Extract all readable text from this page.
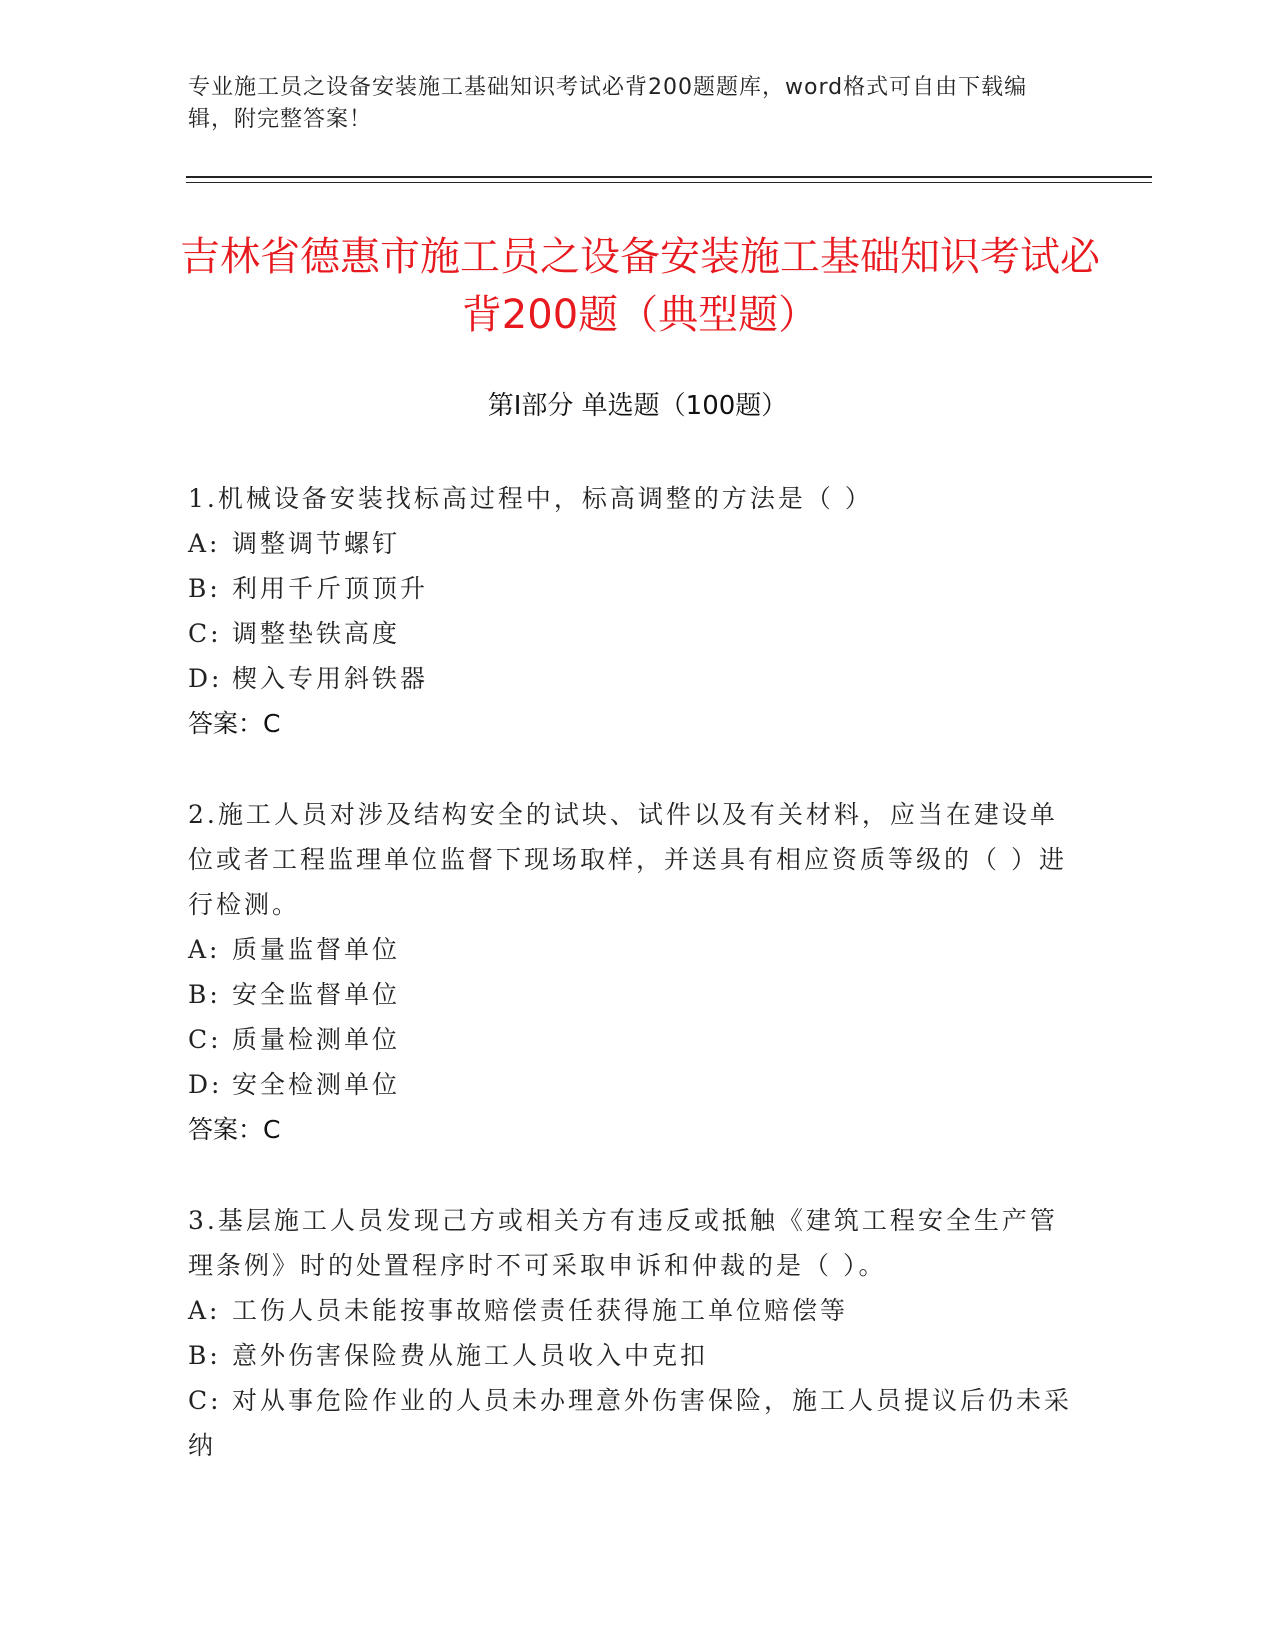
专业施工员之设备安装施工基础知识考试必背200题题库，word格式可自由下载编辑，附完整答案！
吉林省德惠市施工员之设备安装施工基础知识考试必背200题（典型题）
第Ⅰ部分 单选题（100题）
1.机械设备安装找标高过程中，标高调整的方法是（ ）
A: 调整调节螺钉
B: 利用千斤顶顶升
C: 调整垫铁高度
D: 楔入专用斜铁器
答案：C
2.施工人员对涉及结构安全的试块、试件以及有关材料，应当在建设单位或者工程监理单位监督下现场取样，并送具有相应资质等级的（ ）进行检测。
A: 质量监督单位
B: 安全监督单位
C: 质量检测单位
D: 安全检测单位
答案：C
3.基层施工人员发现己方或相关方有违反或抵触《建筑工程安全生产管理条例》时的处置程序时不可采取申诉和仲裁的是（ ）。
A: 工伤人员未能按事故赔偿责任获得施工单位赔偿等
B: 意外伤害保险费从施工人员收入中克扣
C: 对从事危险作业的人员未办理意外伤害保险，施工人员提议后仍未采纳
